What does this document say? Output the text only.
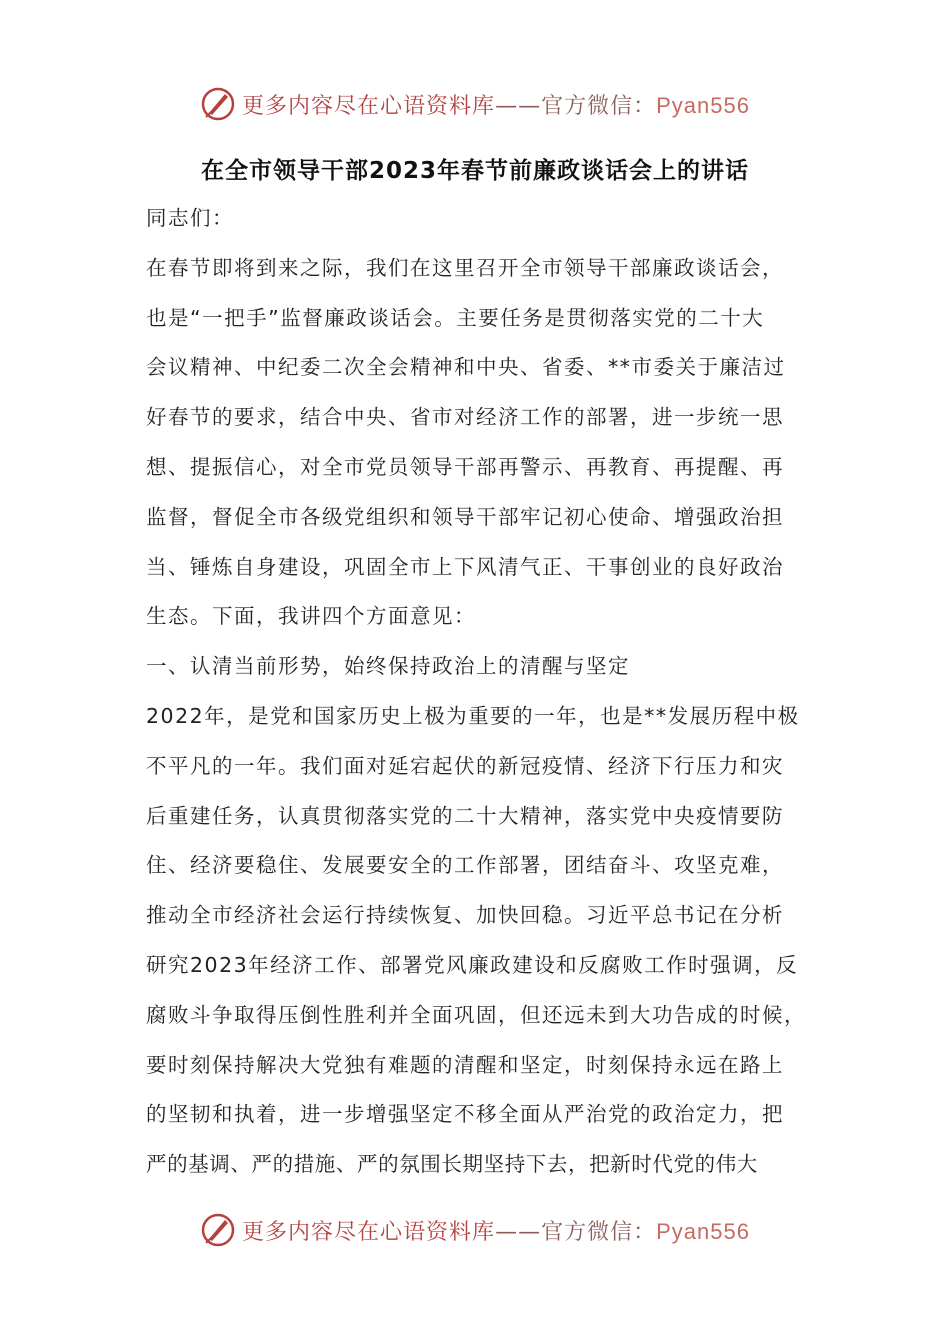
更多内容尽在心语资料库——官方微信：Pyan556
在全市领导干部2023年春节前廉政谈话会上的讲话
同志们：
在春节即将到来之际，我们在这里召开全市领导干部廉政谈话会，
也是“一把手”监督廉政谈话会。主要任务是贯彻落实党的二十大
会议精神、中纪委二次全会精神和中央、省委、**市委关于廉洁过
好春节的要求，结合中央、省市对经济工作的部署，进一步统一思
想、提振信心，对全市党员领导干部再警示、再教育、再提醒、再
监督，督促全市各级党组织和领导干部牢记初心使命、增强政治担
当、锤炼自身建设，巩固全市上下风清气正、干事创业的良好政治
生态。下面，我讲四个方面意见：
一、认清当前形势，始终保持政治上的清醒与坚定
2022年，是党和国家历史上极为重要的一年，也是**发展历程中极
不平凡的一年。我们面对延宕起伏的新冠疫情、经济下行压力和灾
后重建任务，认真贯彻落实党的二十大精神，落实党中央疫情要防
住、经济要稳住、发展要安全的工作部署，团结奋斗、攻坚克难，
推动全市经济社会运行持续恢复、加快回稳。习近平总书记在分析
研究2023年经济工作、部署党风廉政建设和反腐败工作时强调，反
腐败斗争取得压倒性胜利并全面巩固，但还远未到大功告成的时候，
要时刻保持解决大党独有难题的清醒和坚定，时刻保持永远在路上
的坚韧和执着，进一步增强坚定不移全面从严治党的政治定力，把
严的基调、严的措施、严的氛围长期坚持下去，把新时代党的伟大
更多内容尽在心语资料库——官方微信：Pyan556
